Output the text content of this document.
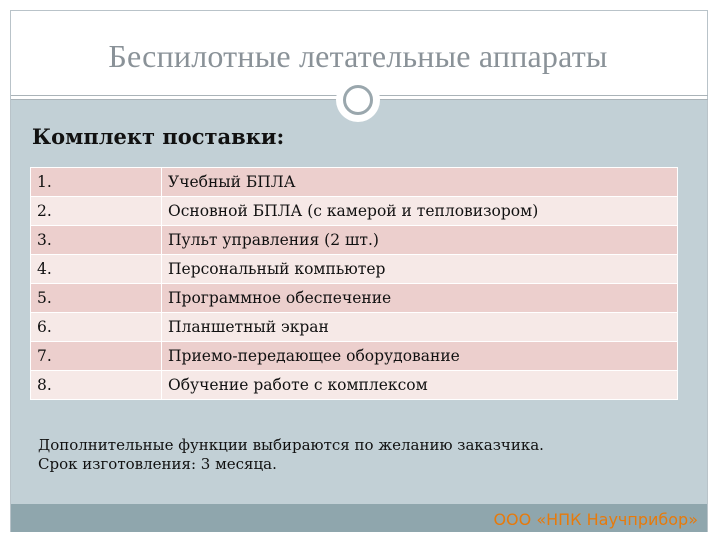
Беспилотные летательные аппараты
Комплект поставки:
1.	Учебный БПЛА
2.	Основной БПЛА (с камерой и тепловизором)
3.	Пульт управления (2 шт.)
4.	Персональный компьютер
5.	Программное обеспечение
6.	Планшетный экран
7.	Приемо-передающее оборудование
8.	Обучение работе с комплексом
Дополнительные функции выбираются по желанию заказчика.
Срок изготовления: 3 месяца.
ООО «НПК Научприбор»
